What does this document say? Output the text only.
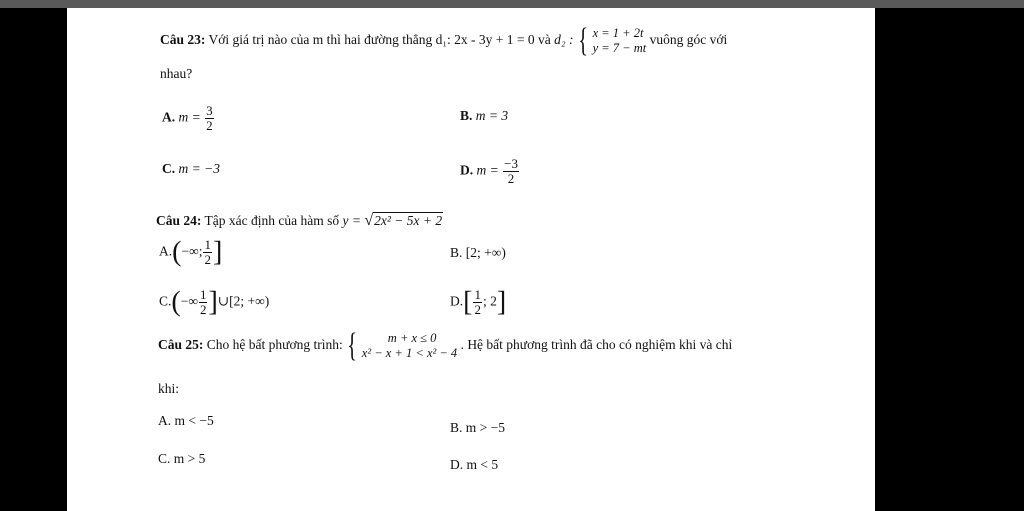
Câu 23: Với giá trị nào của m thì hai đường thẳng d₁: 2x - 3y + 1 = 0 và d₂ : { x = 1 + 2t
y = 7 − mt
vuông góc với
nhau?
A. $m = \frac{3}{2}$	B. m = 3
C. m = −3	D. $m = \frac{-3}{2}$
Câu 24: Tập xác định của hàm số y = √2x² − 5x + 2
A.(−∞; $\frac{1}{2}$ ]	B. [2; +∞)
$C.(-\infty \frac{1}{2}$ ]∪[2; +∞)	$D.[ \frac{1}{2}$ ; 2]
Câu 25: Cho hệ bất phương trình: {	m + x ≤ 0
x² − x + 1 < x² − 4
. Hệ bất phương trình đã cho có nghiệm khi và chỉ
khi:
A. m < −5	B. m > −5
C. m > 5	D. m < 5
